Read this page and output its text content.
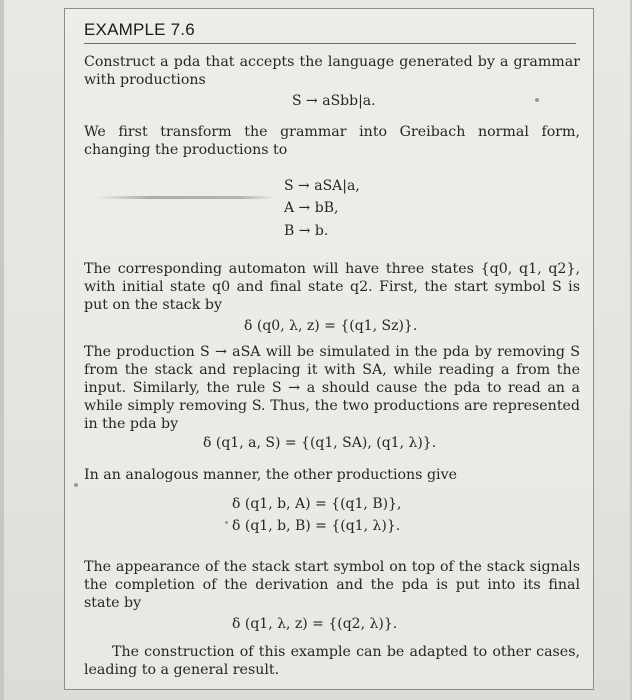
EXAMPLE 7.6
Construct a pda that accepts the language generated by a grammar with productions
S → aSbb|a.
We first transform the grammar into Greibach normal form, changing the productions to
S → aSA|a,
A → bB,
B → b.
The corresponding automaton will have three states {q0, q1, q2}, with initial state q0 and final state q2. First, the start symbol S is put on the stack by
δ (q0, λ, z) = {(q1, Sz)}.
The production S → aSA will be simulated in the pda by removing S from the stack and replacing it with SA, while reading a from the input. Similarly, the rule S → a should cause the pda to read an a while simply removing S. Thus, the two productions are represented in the pda by
δ (q1, a, S) = {(q1, SA), (q1, λ)}.
In an analogous manner, the other productions give
δ (q1, b, A) = {(q1, B)},
δ (q1, b, B) = {(q1, λ)}.
The appearance of the stack start symbol on top of the stack signals the completion of the derivation and the pda is put into its final state by
δ (q1, λ, z) = {(q2, λ)}.
The construction of this example can be adapted to other cases, leading to a general result.
